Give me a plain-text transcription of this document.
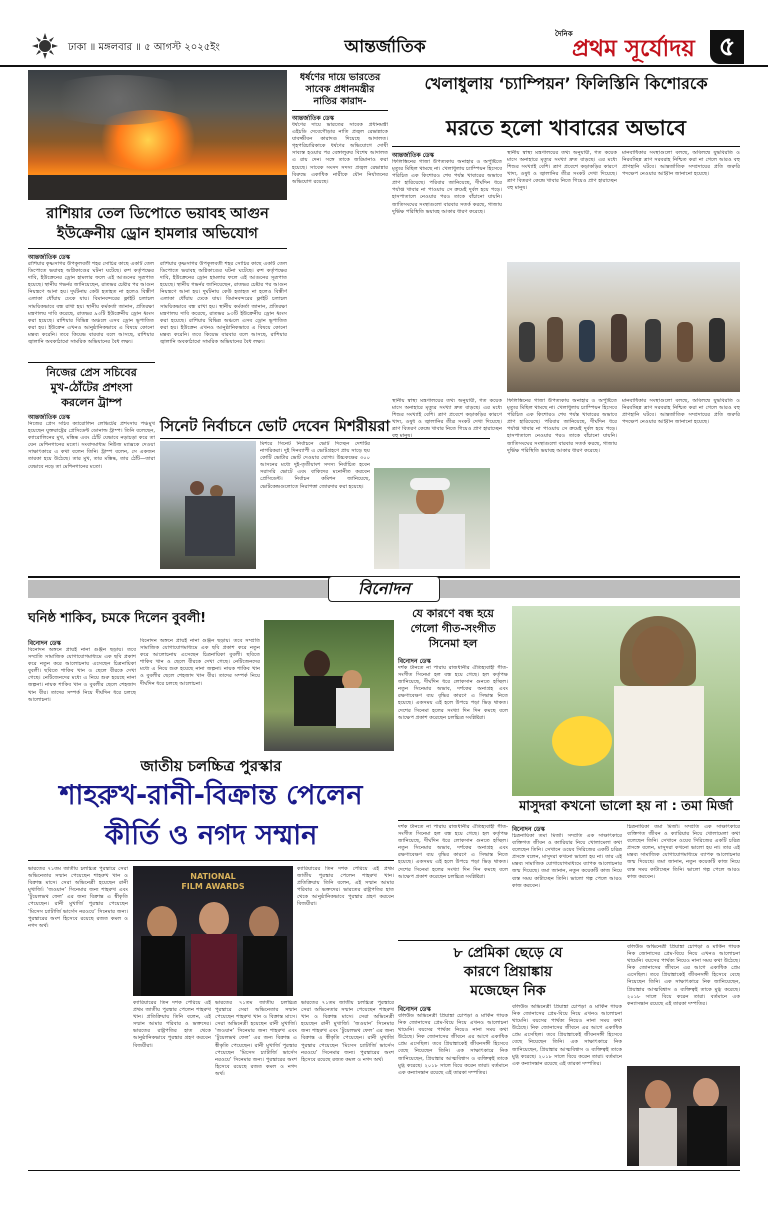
ঢাকা ॥ মঙ্গলবার ॥ ৫ আগস্ট ২০২৫ইং	আন্তর্জাতিক
দৈনিক
প্রথম সূর্যোদয় ৫
রাশিয়ার তেল ডিপোতে ভয়াবহ আগুন
ইউক্রেনীয় ড্রোন হামলার অভিযোগ
আন্তর্জাতিক ডেস্ক
রাশিয়ার কৃষ্ণসাগর উপকূলবর্তী শহর সোচির কাছে একটি তেল ডিপোতে ভয়াবহ অগ্নিকাণ্ডের ঘটনা ঘটেছে। রুশ কর্তৃপক্ষের দাবি, ইউক্রেনের ড্রোন হামলার ফলে এই আগুনের সূত্রপাত হয়েছে। স্থানীয় গভর্নর জানিয়েছেন, রাতভর চেষ্টার পর আগুন নিয়ন্ত্রণে আনা হয়। দুর্ঘটনায় কেউ হতাহত না হলেও বিস্তীর্ণ এলাকা ধোঁয়ায় ঢেকে যায়। বিমানবন্দরের ফ্লাইট চলাচল সাময়িকভাবে বন্ধ রাখা হয়। স্থানীয় কর্মকর্তা জানান, প্রতিরক্ষা মন্ত্রণালয় দাবি করেছে, রাতভর ৯৩টি ইউক্রেনীয় ড্রোন ধ্বংস করা হয়েছে। রাশিয়ার বিভিন্ন অঞ্চলে এসব ড্রোন ভূপাতিত করা হয়। ইউক্রেন এখনও আনুষ্ঠানিকভাবে এ বিষয়ে কোনো মন্তব্য করেনি। তবে কিয়েভ বারবার বলে আসছে, রাশিয়ার জ্বালানি অবকাঠামো সামরিক অভিযানের বৈধ লক্ষ্য।
রাশিয়ার কৃষ্ণসাগর উপকূলবর্তী শহর সোচির কাছে একটি তেল ডিপোতে ভয়াবহ অগ্নিকাণ্ডের ঘটনা ঘটেছে। রুশ কর্তৃপক্ষের দাবি, ইউক্রেনের ড্রোন হামলার ফলে এই আগুনের সূত্রপাত হয়েছে। স্থানীয় গভর্নর জানিয়েছেন, রাতভর চেষ্টার পর আগুন নিয়ন্ত্রণে আনা হয়। দুর্ঘটনায় কেউ হতাহত না হলেও বিস্তীর্ণ এলাকা ধোঁয়ায় ঢেকে যায়। বিমানবন্দরের ফ্লাইট চলাচল সাময়িকভাবে বন্ধ রাখা হয়। স্থানীয় কর্মকর্তা জানান, প্রতিরক্ষা মন্ত্রণালয় দাবি করেছে, রাতভর ৯৩টি ইউক্রেনীয় ড্রোন ধ্বংস করা হয়েছে। রাশিয়ার বিভিন্ন অঞ্চলে এসব ড্রোন ভূপাতিত করা হয়। ইউক্রেন এখনও আনুষ্ঠানিকভাবে এ বিষয়ে কোনো মন্তব্য করেনি। তবে কিয়েভ বারবার বলে আসছে, রাশিয়ার জ্বালানি অবকাঠামো সামরিক অভিযানের বৈধ লক্ষ্য।
নিজের প্রেস সচিবের
মুখ-ঠোঁটের প্রশংসা
করলেন ট্রাম্প
আন্তর্জাতিক ডেস্ক
নিজের প্রেস সচিব ক্যারোলিন লেভিটের প্রশংসায় পঞ্চমুখ হয়েছেন যুক্তরাষ্ট্রের প্রেসিডেন্ট ডোনাল্ড ট্রাম্প। তিনি বলেছেন, ক্যারোলিনের মুখ, মস্তিষ্ক এবং ঠোঁট যেভাবে নড়াচড়া করে তা যেন মেশিনগানের মতো। সংবাদমাধ্যম নিউজ ম্যাক্সকে দেওয়া সাক্ষাৎকারে এ কথা বলেন তিনি। ট্রাম্প বলেন, সে একজন তারকা হয়ে উঠেছে। তার মুখ, তার মস্তিষ্ক, তার ঠোঁট—তারা যেভাবে নড়ে তা মেশিনগানের মতো।
সিনেট নির্বাচনে ভোট দেবেন মিশরীয়রা
মিশরে সিনেট নির্বাচনে ভোট দিচ্ছেন দেশটির নাগরিকরা। দুই দিনব্যাপী এ ভোটগ্রহণে প্রায় সাড়ে ছয় কোটি ভোটার ভোট দেওয়ার যোগ্য। উচ্চকক্ষের ৩০০ আসনের মধ্যে দুই-তৃতীয়াংশ সদস্য নির্বাচিত হবেন সরাসরি ভোটে এবং বাকিদের মনোনীত করবেন প্রেসিডেন্ট। নির্বাচন কমিশন জানিয়েছে, ভোটকেন্দ্রগুলোতে নিরাপত্তা জোরদার করা হয়েছে।
ধর্ষণের দায়ে ভারতের
সাবেক প্রধানমন্ত্রীর
নাতির কারাদ-
আন্তর্জাতিক ডেস্ক
ধর্ষণের দায়ে ভারতের সাবেক প্রধানমন্ত্রী এইচডি দেবেগৌড়ার নাতি প্রজ্বল রেভান্নাকে যাবজ্জীবন কারাদণ্ড দিয়েছে আদালত। গৃহপরিচারিকাকে ধর্ষণের অভিযোগে দোষী সাব্যস্ত হওয়ার পর বেঙ্গালুরুর বিশেষ আদালত এ রায় দেন। সঙ্গে তাকে জরিমানাও করা হয়েছে। সাবেক সংসদ সদস্য প্রজ্বল রেভান্নার বিরুদ্ধে একাধিক নারীকে যৌন নির্যাতনের অভিযোগ রয়েছে।
খেলাধুলায় ‘চ্যাম্পিয়ন’ ফিলিস্তিনি কিশোরকে
মরতে হলো খাবারের অভাবে
আন্তর্জাতিক ডেস্ক
ফিলিস্তিনের গাজা উপত্যকায় অনাহার ও অপুষ্টিতে মৃত্যুর মিছিল থামছে না। খেলাধুলায় চ্যাম্পিয়ন হিসেবে পরিচিত এক কিশোরও শেষ পর্যন্ত খাবারের অভাবে প্রাণ হারিয়েছে। পরিবার জানিয়েছে, দীর্ঘদিন ধরে পর্যাপ্ত খাবার না পাওয়ায় সে ক্রমেই দুর্বল হয়ে পড়ে। হাসপাতালে নেওয়ার পরও তাকে বাঁচানো যায়নি। জাতিসংঘের সংস্থাগুলো বারবার সতর্ক করছে, গাজায় দুর্ভিক্ষ পরিস্থিতি ভয়াবহ আকার ধারণ করেছে।
স্থানীয় স্বাস্থ্য মন্ত্রণালয়ের তথ্য অনুযায়ী, গত কয়েক মাসে অনাহারে মৃত্যুর সংখ্যা দ্রুত বাড়ছে। এর মধ্যে শিশুর সংখ্যাই বেশি। ত্রাণ প্রবেশে কড়াকড়ির কারণে খাদ্য, ওষুধ ও জ্বালানির তীব্র সংকট দেখা দিয়েছে। ত্রাণ বিতরণ কেন্দ্রে খাবার নিতে গিয়েও প্রাণ হারাচ্ছেন বহু মানুষ।
মানবাধিকার সংস্থাগুলো বলছে, অবিলম্বে যুদ্ধবিরতি ও নিরবচ্ছিন্ন ত্রাণ সরবরাহ নিশ্চিত করা না গেলে আরও বহু প্রাণহানি ঘটবে। আন্তর্জাতিক সম্প্রদায়ের প্রতি জরুরি পদক্ষেপ নেওয়ার আহ্বান জানানো হয়েছে।
স্থানীয় স্বাস্থ্য মন্ত্রণালয়ের তথ্য অনুযায়ী, গত কয়েক মাসে অনাহারে মৃত্যুর সংখ্যা দ্রুত বাড়ছে। এর মধ্যে শিশুর সংখ্যাই বেশি। ত্রাণ প্রবেশে কড়াকড়ির কারণে খাদ্য, ওষুধ ও জ্বালানির তীব্র সংকট দেখা দিয়েছে। ত্রাণ বিতরণ কেন্দ্রে খাবার নিতে গিয়েও প্রাণ হারাচ্ছেন বহু মানুষ।
ফিলিস্তিনের গাজা উপত্যকায় অনাহার ও অপুষ্টিতে মৃত্যুর মিছিল থামছে না। খেলাধুলায় চ্যাম্পিয়ন হিসেবে পরিচিত এক কিশোরও শেষ পর্যন্ত খাবারের অভাবে প্রাণ হারিয়েছে। পরিবার জানিয়েছে, দীর্ঘদিন ধরে পর্যাপ্ত খাবার না পাওয়ায় সে ক্রমেই দুর্বল হয়ে পড়ে। হাসপাতালে নেওয়ার পরও তাকে বাঁচানো যায়নি। জাতিসংঘের সংস্থাগুলো বারবার সতর্ক করছে, গাজায় দুর্ভিক্ষ পরিস্থিতি ভয়াবহ আকার ধারণ করেছে।
মানবাধিকার সংস্থাগুলো বলছে, অবিলম্বে যুদ্ধবিরতি ও নিরবচ্ছিন্ন ত্রাণ সরবরাহ নিশ্চিত করা না গেলে আরও বহু প্রাণহানি ঘটবে। আন্তর্জাতিক সম্প্রদায়ের প্রতি জরুরি পদক্ষেপ নেওয়ার আহ্বান জানানো হয়েছে।
বিনোদন
ঘনিষ্ঠ শাকিব, চমকে দিলেন বুবলী!
বিনোদন ডেস্ক
বিনোদন অঙ্গনে প্রায়ই নানা গুঞ্জন ছড়ায়। তবে সম্প্রতি সামাজিক যোগাযোগমাধ্যমে এক ছবি প্রকাশ করে নতুন করে আলোচনায় এসেছেন চিত্রনায়িকা বুবলী। ছবিতে শাকিব খান ও ছেলে বীরকে দেখা গেছে। নেটিজেনদের মধ্যে এ নিয়ে শুরু হয়েছে নানা জল্পনা। নায়ক শাকিব খান ও বুবলীর ছেলে শেহজাদ খান বীর। তাদের সম্পর্ক নিয়ে দীর্ঘদিন ধরে চলছে আলোচনা।
বিনোদন অঙ্গনে প্রায়ই নানা গুঞ্জন ছড়ায়। তবে সম্প্রতি সামাজিক যোগাযোগমাধ্যমে এক ছবি প্রকাশ করে নতুন করে আলোচনায় এসেছেন চিত্রনায়িকা বুবলী। ছবিতে শাকিব খান ও ছেলে বীরকে দেখা গেছে। নেটিজেনদের মধ্যে এ নিয়ে শুরু হয়েছে নানা জল্পনা। নায়ক শাকিব খান ও বুবলীর ছেলে শেহজাদ খান বীর। তাদের সম্পর্ক নিয়ে দীর্ঘদিন ধরে চলছে আলোচনা।
জাতীয় চলচ্চিত্র পুরস্কার
শাহরুখ-রানী-বিক্রান্ত পেলেন
কীর্তি ও নগদ সম্মান
ভারতের ৭১তম জাতীয় চলচ্চিত্র পুরস্কারে সেরা অভিনেতার সম্মান পেয়েছেন শাহরুখ খান ও বিক্রান্ত মাসে। সেরা অভিনেত্রী হয়েছেন রানী মুখার্জি। ‘জওয়ান’ সিনেমার জন্য শাহরুখ এবং ‘টুয়েলভথ ফেল’ এর জন্য বিক্রান্ত এ স্বীকৃতি পেয়েছেন। রানী মুখার্জি পুরস্কার পেয়েছেন ‘মিসেস চ্যাটার্জি ভার্সেস নরওয়ে’ সিনেমার জন্য। পুরস্কারের অংশ হিসেবে রয়েছে রজত কমল ও নগদ অর্থ।
NATIONAL
FILM AWARDS
ক্যারিয়ারের তিন দশক পেরিয়ে এই প্রথম জাতীয় পুরস্কার পেলেন শাহরুখ খান। প্রতিক্রিয়ায় তিনি বলেন, এই সম্মান আমার পরিবার ও ভক্তদের। ভারতের রাষ্ট্রপতির হাত থেকে আনুষ্ঠানিকভাবে পুরস্কার গ্রহণ করবেন বিজয়ীরা।
ক্যারিয়ারের তিন দশক পেরিয়ে এই প্রথম জাতীয় পুরস্কার পেলেন শাহরুখ খান। প্রতিক্রিয়ায় তিনি বলেন, এই সম্মান আমার পরিবার ও ভক্তদের। ভারতের রাষ্ট্রপতির হাত থেকে আনুষ্ঠানিকভাবে পুরস্কার গ্রহণ করবেন বিজয়ীরা।
ভারতের ৭১তম জাতীয় চলচ্চিত্র পুরস্কারে সেরা অভিনেতার সম্মান পেয়েছেন শাহরুখ খান ও বিক্রান্ত মাসে। সেরা অভিনেত্রী হয়েছেন রানী মুখার্জি। ‘জওয়ান’ সিনেমার জন্য শাহরুখ এবং ‘টুয়েলভথ ফেল’ এর জন্য বিক্রান্ত এ স্বীকৃতি পেয়েছেন। রানী মুখার্জি পুরস্কার পেয়েছেন ‘মিসেস চ্যাটার্জি ভার্সেস নরওয়ে’ সিনেমার জন্য। পুরস্কারের অংশ হিসেবে রয়েছে রজত কমল ও নগদ অর্থ।
ভারতের ৭১তম জাতীয় চলচ্চিত্র পুরস্কারে সেরা অভিনেতার সম্মান পেয়েছেন শাহরুখ খান ও বিক্রান্ত মাসে। সেরা অভিনেত্রী হয়েছেন রানী মুখার্জি। ‘জওয়ান’ সিনেমার জন্য শাহরুখ এবং ‘টুয়েলভথ ফেল’ এর জন্য বিক্রান্ত এ স্বীকৃতি পেয়েছেন। রানী মুখার্জি পুরস্কার পেয়েছেন ‘মিসেস চ্যাটার্জি ভার্সেস নরওয়ে’ সিনেমার জন্য। পুরস্কারের অংশ হিসেবে রয়েছে রজত কমল ও নগদ অর্থ।
যে কারণে বন্ধ হয়ে
গেলো গীত-সংগীত
সিনেমা হল
বিনোদন ডেস্ক
দর্শক টানতে না পারায় রাজধানীর ঐতিহ্যবাহী গীত-সংগীত সিনেমা হল বন্ধ হয়ে গেছে। হল কর্তৃপক্ষ জানিয়েছে, দীর্ঘদিন ধরে লোকসান গুনতে হচ্ছিল। নতুন সিনেমার অভাব, দর্শকের অনাগ্রহ এবং রক্ষণাবেক্ষণ ব্যয় বৃদ্ধির কারণে এ সিদ্ধান্ত নিতে হয়েছে। একসময় এই হলে উপচে পড়া ভিড় থাকত। দেশের সিনেমা হলের সংখ্যা দিন দিন কমছে বলে আক্ষেপ প্রকাশ করেছেন চলচ্চিত্র সংশ্লিষ্টরা।
মাসুদরা কখনো ভালো হয় না : তমা মির্জা
বিনোদন ডেস্ক
চিত্রনায়িকা তমা মির্জা। সম্প্রতি এক সাক্ষাৎকারে ব্যক্তিগত জীবন ও ক্যারিয়ার নিয়ে খোলামেলা কথা বলেছেন তিনি। সেখানে ওয়েব সিরিজের একটি চরিত্র প্রসঙ্গে বলেন, মাসুদরা কখনো ভালো হয় না। তার এই মন্তব্য সামাজিক যোগাযোগমাধ্যমে ব্যাপক আলোচনার জন্ম দিয়েছে। তমা জানান, নতুন কয়েকটি কাজ নিয়ে ব্যস্ত সময় কাটাচ্ছেন তিনি। ভালো গল্প পেলে আরও কাজ করবেন।
চিত্রনায়িকা তমা মির্জা। সম্প্রতি এক সাক্ষাৎকারে ব্যক্তিগত জীবন ও ক্যারিয়ার নিয়ে খোলামেলা কথা বলেছেন তিনি। সেখানে ওয়েব সিরিজের একটি চরিত্র প্রসঙ্গে বলেন, মাসুদরা কখনো ভালো হয় না। তার এই মন্তব্য সামাজিক যোগাযোগমাধ্যমে ব্যাপক আলোচনার জন্ম দিয়েছে। তমা জানান, নতুন কয়েকটি কাজ নিয়ে ব্যস্ত সময় কাটাচ্ছেন তিনি। ভালো গল্প পেলে আরও কাজ করবেন।
দর্শক টানতে না পারায় রাজধানীর ঐতিহ্যবাহী গীত-সংগীত সিনেমা হল বন্ধ হয়ে গেছে। হল কর্তৃপক্ষ জানিয়েছে, দীর্ঘদিন ধরে লোকসান গুনতে হচ্ছিল। নতুন সিনেমার অভাব, দর্শকের অনাগ্রহ এবং রক্ষণাবেক্ষণ ব্যয় বৃদ্ধির কারণে এ সিদ্ধান্ত নিতে হয়েছে। একসময় এই হলে উপচে পড়া ভিড় থাকত। দেশের সিনেমা হলের সংখ্যা দিন দিন কমছে বলে আক্ষেপ প্রকাশ করেছেন চলচ্চিত্র সংশ্লিষ্টরা।
৮ প্রেমিকা ছেড়ে যে
কারণে প্রিয়াঙ্কায়
মজেছেন নিক
বিনোদন ডেস্ক
বলিউড অভিনেত্রী প্রিয়াঙ্কা চোপড়া ও মার্কিন গায়ক নিক জোনাসের প্রেম-বিয়ে নিয়ে এখনও আলোচনা থামেনি। বয়সের পার্থক্য নিয়েও নানা সময় কথা উঠেছে। নিক জোনাসের জীবনে এর আগে একাধিক প্রেম এসেছিল। তবে প্রিয়াঙ্কাকেই জীবনসঙ্গী হিসেবে বেছে নিয়েছেন তিনি। এক সাক্ষাৎকারে নিক জানিয়েছেন, প্রিয়াঙ্কার আত্মবিশ্বাস ও ব্যক্তিত্বই তাকে মুগ্ধ করেছে। ২০১৮ সালে বিয়ে করেন তারা। বর্তমানে এক কন্যাসন্তান রয়েছে এই তারকা দম্পতির।
বলিউড অভিনেত্রী প্রিয়াঙ্কা চোপড়া ও মার্কিন গায়ক নিক জোনাসের প্রেম-বিয়ে নিয়ে এখনও আলোচনা থামেনি। বয়সের পার্থক্য নিয়েও নানা সময় কথা উঠেছে। নিক জোনাসের জীবনে এর আগে একাধিক প্রেম এসেছিল। তবে প্রিয়াঙ্কাকেই জীবনসঙ্গী হিসেবে বেছে নিয়েছেন তিনি। এক সাক্ষাৎকারে নিক জানিয়েছেন, প্রিয়াঙ্কার আত্মবিশ্বাস ও ব্যক্তিত্বই তাকে মুগ্ধ করেছে। ২০১৮ সালে বিয়ে করেন তারা। বর্তমানে এক কন্যাসন্তান রয়েছে এই তারকা দম্পতির।
বলিউড অভিনেত্রী প্রিয়াঙ্কা চোপড়া ও মার্কিন গায়ক নিক জোনাসের প্রেম-বিয়ে নিয়ে এখনও আলোচনা থামেনি। বয়সের পার্থক্য নিয়েও নানা সময় কথা উঠেছে। নিক জোনাসের জীবনে এর আগে একাধিক প্রেম এসেছিল। তবে প্রিয়াঙ্কাকেই জীবনসঙ্গী হিসেবে বেছে নিয়েছেন তিনি। এক সাক্ষাৎকারে নিক জানিয়েছেন, প্রিয়াঙ্কার আত্মবিশ্বাস ও ব্যক্তিত্বই তাকে মুগ্ধ করেছে। ২০১৮ সালে বিয়ে করেন তারা। বর্তমানে এক কন্যাসন্তান রয়েছে এই তারকা দম্পতির।
